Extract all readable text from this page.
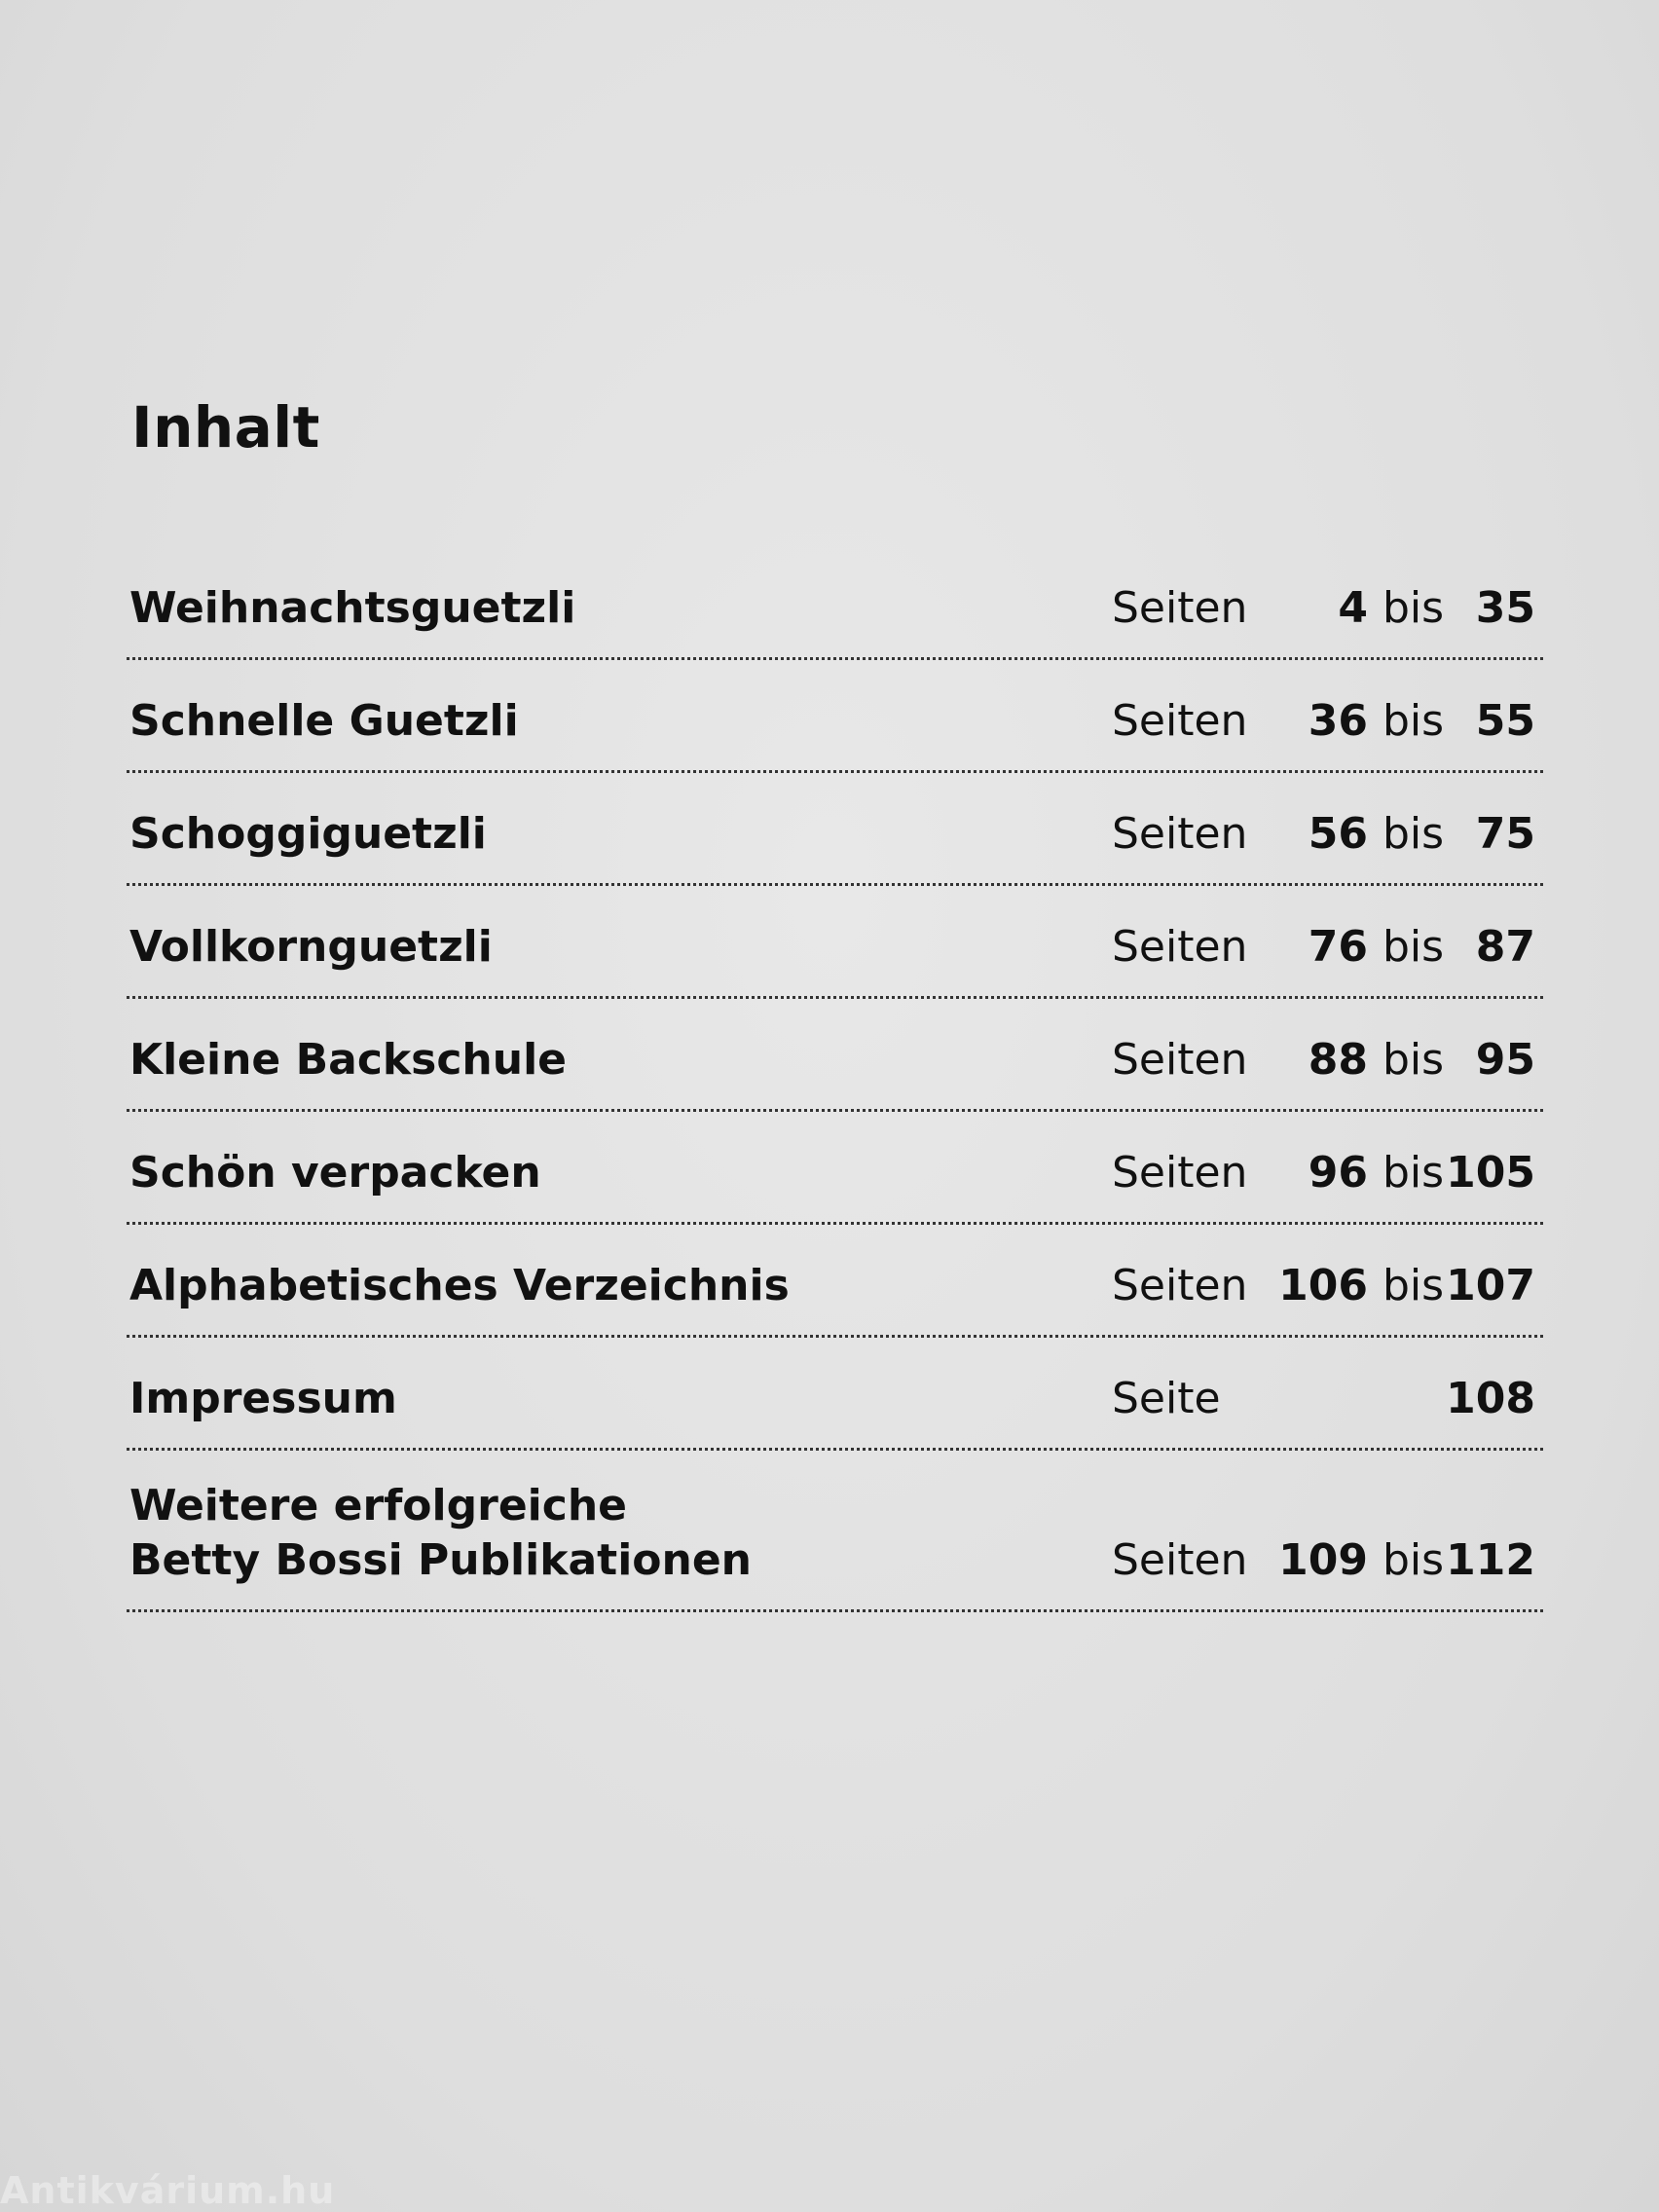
Inhalt
Weihnachtsguetzli	Seiten 4 bis 35
Schnelle Guetzli	Seiten 36 bis 55
Schoggiguetzli	Seiten 56 bis 75
Vollkornguetzli	Seiten 76 bis 87
Kleine Backschule	Seiten 88 bis 95
Schön verpacken	Seiten 96 bis 105
Alphabetisches Verzeichnis	Seiten 106 bis 107
Impressum	Seite	108
Weitere erfolgreiche
Betty Bossi Publikationen	Seiten 109 bis 112
Antikvárium.hu
